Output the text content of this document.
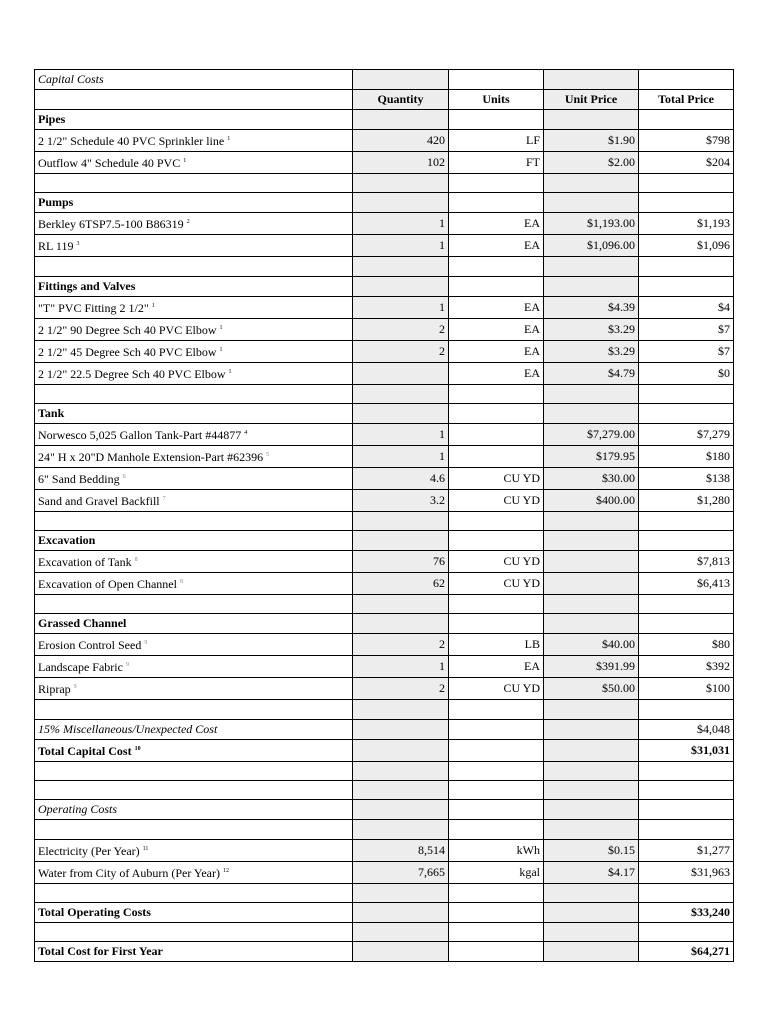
Capital Costs				
	Quantity	Units	Unit Price	Total Price
Pipes				
2 1/2" Schedule 40 PVC Sprinkler line $^1$	420	LF	$1.90	$798
Outflow 4" Schedule 40 PVC $^1$	102	FT	$2.00	$204

Pumps				
Berkley 6TSP7.5-100 B86319 $^2$	1	EA	$1,193.00	$1,193
RL 119 $^3$	1	EA	$1,096.00	$1,096

Fittings and Valves				
"T" PVC Fitting 2 1/2" $^1$	1	EA	$4.39	$4
2 1/2" 90 Degree Sch 40 PVC Elbow $^1$	2	EA	$3.29	$7
2 1/2" 45 Degree Sch 40 PVC Elbow $^1$	2	EA	$3.29	$7
2 1/2" 22.5 Degree Sch 40 PVC Elbow $^1$		EA	$4.79	$0

Tank				
Norwesco 5,025 Gallon Tank-Part #44877 $^4$	1		$7,279.00	$7,279
24" H x 20"D Manhole Extension-Part #62396 $^5$	1		$179.95	$180
6" Sand Bedding $^6$	4.6	CU YD	$30.00	$138
Sand and Gravel Backfill $^7$	3.2	CU YD	$400.00	$1,280

Excavation				
Excavation of Tank $^8$	76	CU YD		$7,813
Excavation of Open Channel $^8$	62	CU YD		$6,413

Grassed Channel				
Erosion Control Seed $^9$	2	LB	$40.00	$80
Landscape Fabric $^9$	1	EA	$391.99	$392
Riprap $^9$	2	CU YD	$50.00	$100

15% Miscellaneous/Unexpected Cost				$4,048
Total Capital Cost $^{10}$				$31,031

Operating Costs				

Electricity (Per Year) $^{11}$	8,514	kWh	$0.15	$1,277
Water from City of Auburn (Per Year) $^{12}$	7,665	kgal	$4.17	$31,963

Total Operating Costs				$33,240

Total Cost for First Year				$64,271
